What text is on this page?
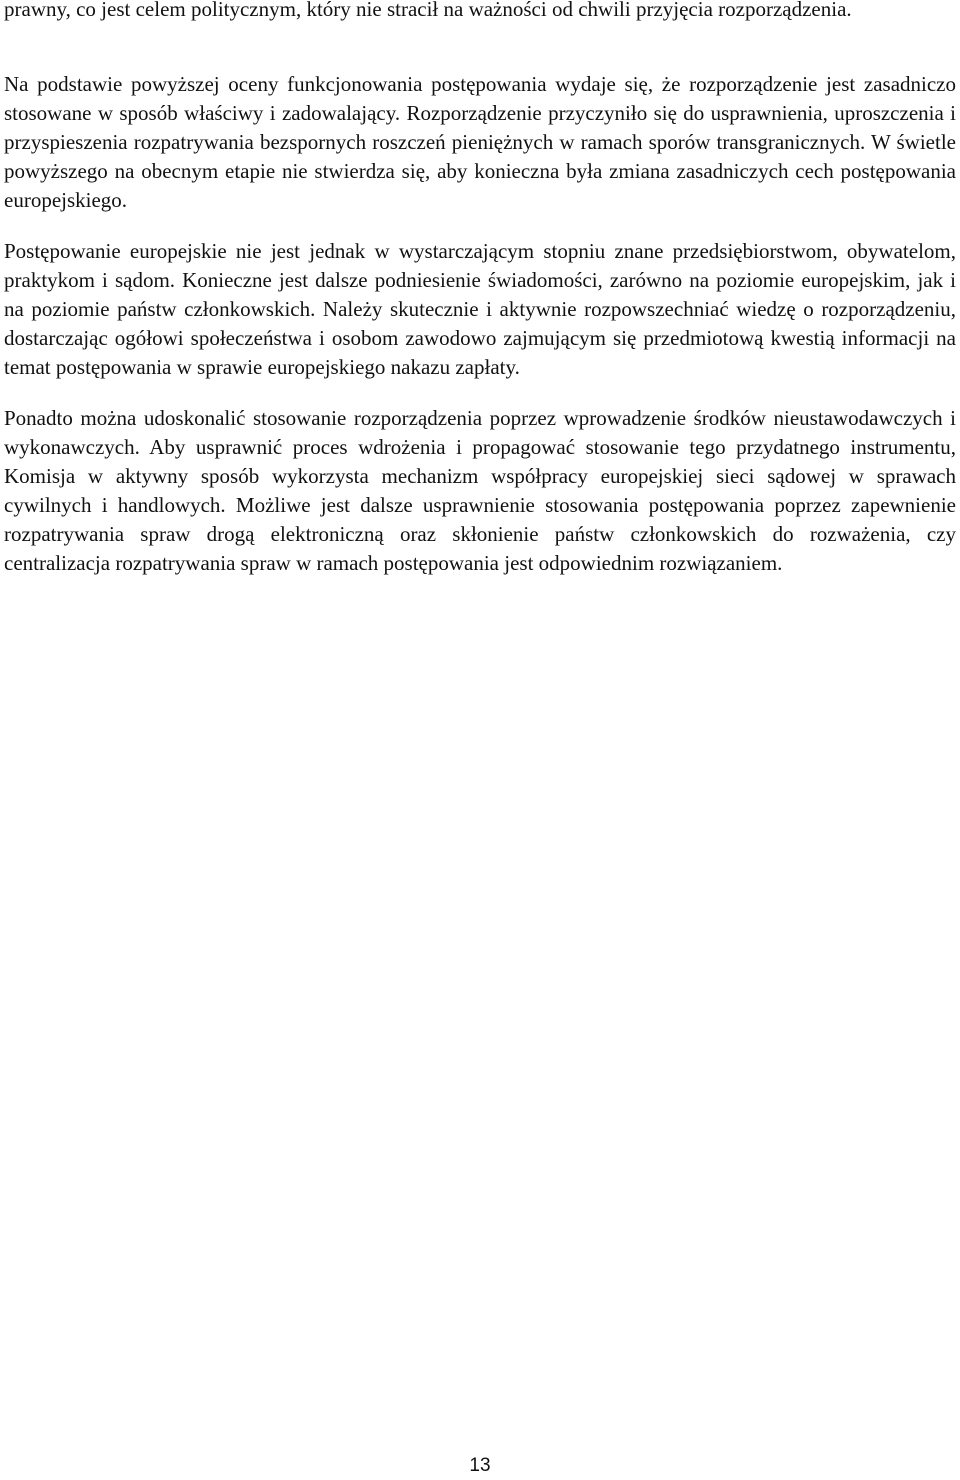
prawny, co jest celem politycznym, który nie stracił na ważności od chwili przyjęcia rozporządzenia.

Na podstawie powyższej oceny funkcjonowania postępowania wydaje się, że rozporządzenie jest zasadniczo stosowane w sposób właściwy i zadowalający. Rozporządzenie przyczyniło się do usprawnienia, uproszczenia i przyspieszenia rozpatrywania bezspornych roszczeń pieniężnych w ramach sporów transgranicznych. W świetle powyższego na obecnym etapie nie stwierdza się, aby konieczna była zmiana zasadniczych cech postępowania europejskiego.

Postępowanie europejskie nie jest jednak w wystarczającym stopniu znane przedsiębiorstwom, obywatelom, praktykom i sądom. Konieczne jest dalsze podniesienie świadomości, zarówno na poziomie europejskim, jak i na poziomie państw członkowskich. Należy skutecznie i aktywnie rozpowszechniać wiedzę o rozporządzeniu, dostarczając ogółowi społeczeństwa i osobom zawodowo zajmującym się przedmiotową kwestią informacji na temat postępowania w sprawie europejskiego nakazu zapłaty.

Ponadto można udoskonalić stosowanie rozporządzenia poprzez wprowadzenie środków nieustawodawczych i wykonawczych. Aby usprawnić proces wdrożenia i propagować stosowanie tego przydatnego instrumentu, Komisja w aktywny sposób wykorzysta mechanizm współpracy europejskiej sieci sądowej w sprawach cywilnych i handlowych. Możliwe jest dalsze usprawnienie stosowania postępowania poprzez zapewnienie rozpatrywania spraw drogą elektroniczną oraz skłonienie państw członkowskich do rozważenia, czy centralizacja rozpatrywania spraw w ramach postępowania jest odpowiednim rozwiązaniem.

13
